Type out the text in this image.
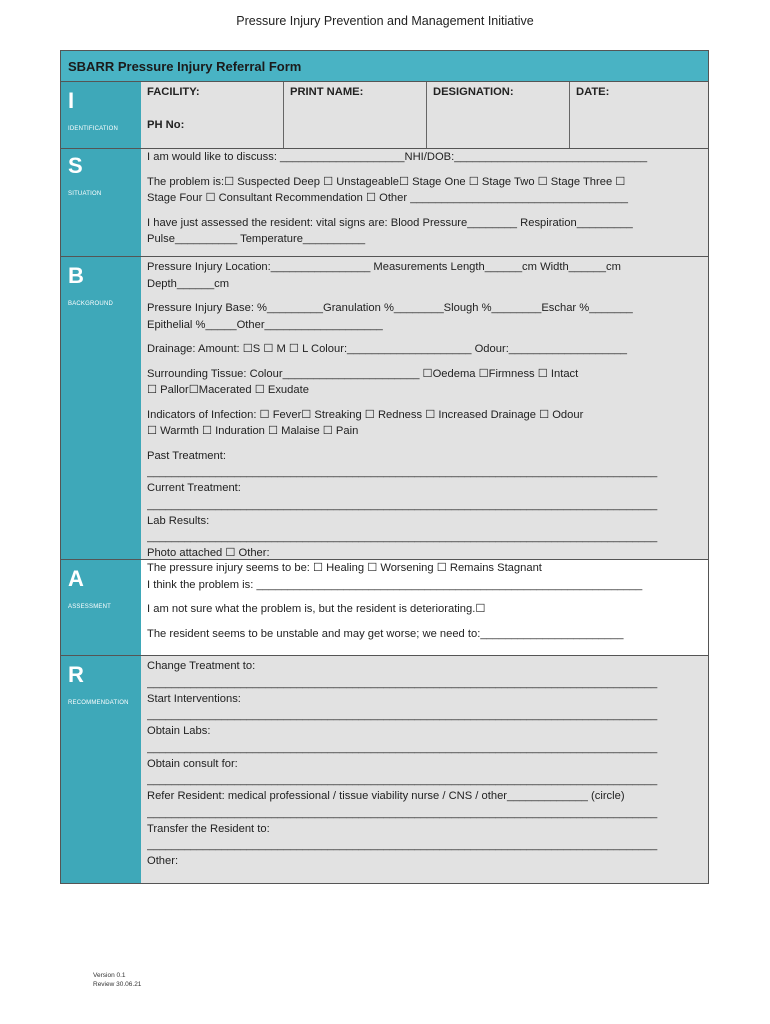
Pressure Injury Prevention and Management Initiative
SBARR Pressure Injury Referral Form
I
IDENTIFICATION
FACILITY:
PH No:
PRINT NAME:	DESIGNATION:	DATE:
S
SITUATION
I am would like to discuss: ____________________NHI/DOB:_______________________________
The problem is:☐ Suspected Deep ☐ Unstageable☐ Stage One ☐ Stage Two ☐ Stage Three ☐
Stage Four ☐ Consultant Recommendation ☐ Other ___________________________________
I have just assessed the resident: vital signs are: Blood Pressure________ Respiration_________
Pulse__________ Temperature__________
B
BACKGROUND
Pressure Injury Location:________________ Measurements Length______cm Width______cm
Depth______cm
Pressure Injury Base: %_________Granulation %________Slough %________Eschar %_______
Epithelial %_____Other___________________
Drainage: Amount: ☐S ☐ M ☐ L Colour:____________________ Odour:___________________
Surrounding Tissue: Colour______________________ ☐Oedema ☐Firmness ☐ Intact
☐ Pallor☐Macerated ☐ Exudate
Indicators of Infection: ☐ Fever☐ Streaking ☐ Redness ☐ Increased Drainage ☐ Odour
☐ Warmth ☐ Induration ☐ Malaise ☐ Pain
Past Treatment:
__________________________________________________________________________________
Current Treatment:
__________________________________________________________________________________
Lab Results:
__________________________________________________________________________________
Photo attached ☐ Other:
A
ASSESSMENT
The pressure injury seems to be: ☐ Healing ☐ Worsening ☐ Remains Stagnant
I think the problem is: ______________________________________________________________
I am not sure what the problem is, but the resident is deteriorating.☐
The resident seems to be unstable and may get worse; we need to:_______________________
R
RECOMMENDATION
Change Treatment to:
__________________________________________________________________________________
Start Interventions:
__________________________________________________________________________________
Obtain Labs:
__________________________________________________________________________________
Obtain consult for:
__________________________________________________________________________________
Refer Resident: medical professional / tissue viability nurse / CNS / other_____________ (circle)
__________________________________________________________________________________
Transfer the Resident to:
__________________________________________________________________________________
Other:
Version 0.1
Review 30.06.21
